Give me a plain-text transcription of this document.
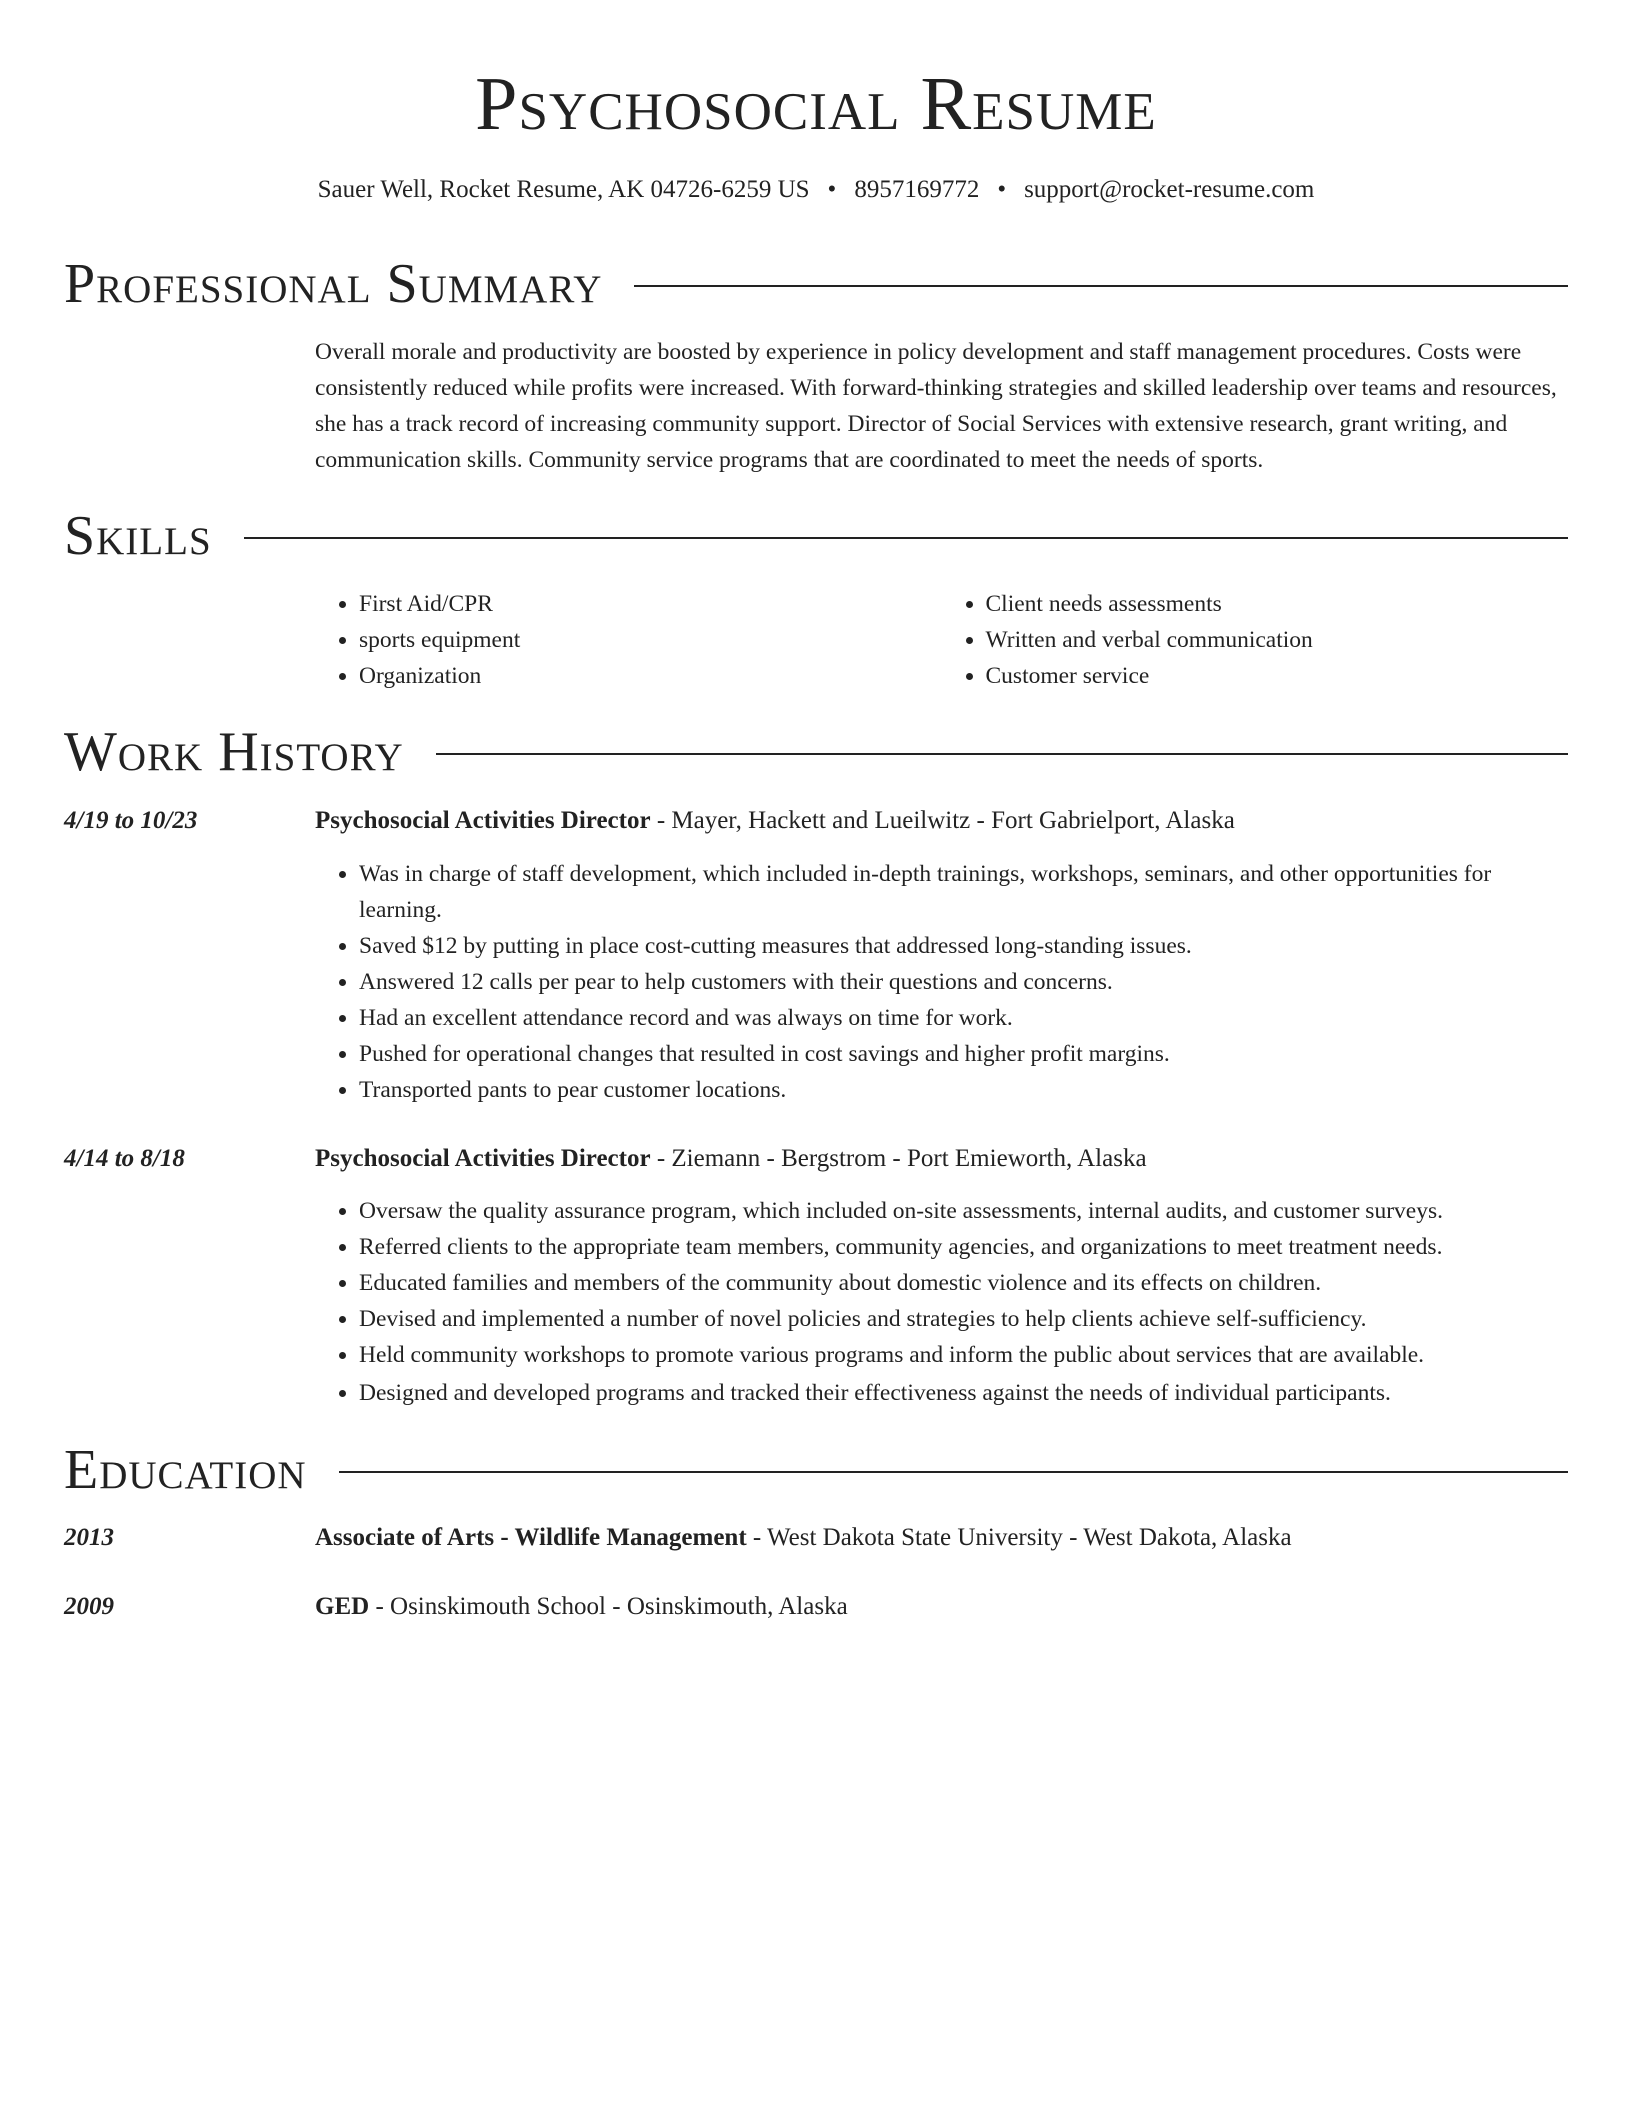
Psychosocial Resume
Sauer Well, Rocket Resume, AK 04726-6259 US • 8957169772 • support@rocket-resume.com
Professional Summary

Overall morale and productivity are boosted by experience in policy development and staff management procedures. Costs were consistently reduced while profits were increased. With forward-thinking strategies and skilled leadership over teams and resources, she has a track record of increasing community support. Director of Social Services with extensive research, grant writing, and communication skills. Community service programs that are coordinated to meet the needs of sports.

Skills
• First Aid/CPR
• sports equipment
• Organization
• Client needs assessments
• Written and verbal communication
• Customer service
Work History
4/19 to 10/23	Psychosocial Activities Director - Mayer, Hackett and Lueilwitz - Fort Gabrielport, Alaska
• Was in charge of staff development, which included in-depth trainings, workshops, seminars, and other opportunities for learning.
• Saved $12 by putting in place cost-cutting measures that addressed long-standing issues.
• Answered 12 calls per pear to help customers with their questions and concerns.
• Had an excellent attendance record and was always on time for work.
• Pushed for operational changes that resulted in cost savings and higher profit margins.
• Transported pants to pear customer locations.
4/14 to 8/18	Psychosocial Activities Director - Ziemann - Bergstrom - Port Emieworth, Alaska
• Oversaw the quality assurance program, which included on-site assessments, internal audits, and customer surveys.
• Referred clients to the appropriate team members, community agencies, and organizations to meet treatment needs.
• Educated families and members of the community about domestic violence and its effects on children.
• Devised and implemented a number of novel policies and strategies to help clients achieve self-sufficiency.
• Held community workshops to promote various programs and inform the public about services that are available.
• Designed and developed programs and tracked their effectiveness against the needs of individual participants.
Education
2013	Associate of Arts - Wildlife Management - West Dakota State University - West Dakota, Alaska
2009	GED - Osinskimouth School - Osinskimouth, Alaska
